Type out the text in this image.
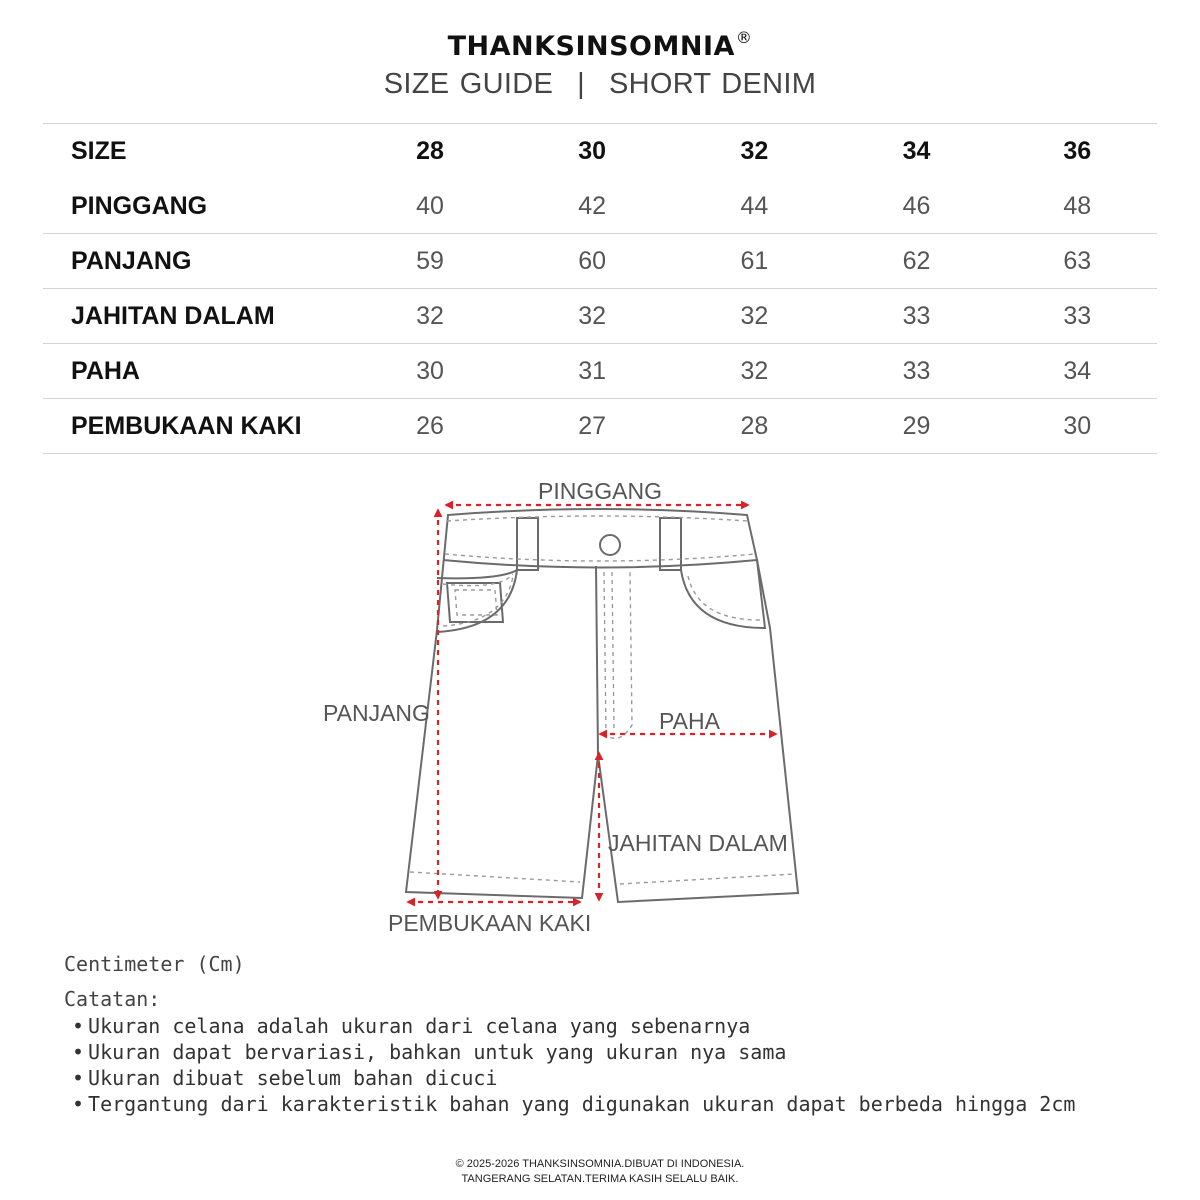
THANKSINSOMNIA®
SIZE GUIDE | SHORT DENIM
SIZE	28	30	32	34	36
PINGGANG	40	42	44	46	48
PANJANG	59	60	61	62	63
JAHITAN DALAM	32	32	32	33	33
PAHA	30	31	32	33	34
PEMBUKAAN KAKI	26	27	28	29	30
PINGGANG
PANJANG	PAHA
JAHITAN DALAM
PEMBUKAAN KAKI
Centimeter (Cm)
Catatan:
• Ukuran celana adalah ukuran dari celana yang sebenarnya
• Ukuran dapat bervariasi, bahkan untuk yang ukuran nya sama
• Ukuran dibuat sebelum bahan dicuci
• Tergantung dari karakteristik bahan yang digunakan ukuran dapat berbeda hingga 2cm
© 2025-2026 THANKSINSOMNIA.DIBUAT DI INDONESIA.
TANGERANG SELATAN.TERIMA KASIH SELALU BAIK.
